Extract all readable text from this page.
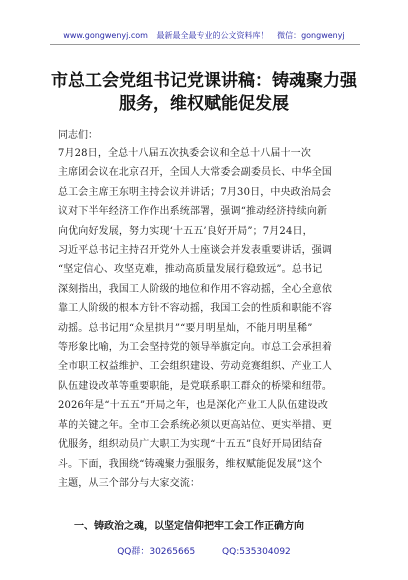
www.gongwenyj.com 最新最全最专业的公文资料库！ 微信：gongwenyj
市总工会党组书记党课讲稿：铸魂聚力强
服务，维权赋能促发展
同志们：
7月28日，全总十八届五次执委会议和全总十八届十一次
主席团会议在北京召开，全国人大常委会副委员长、中华全国
总工会主席王东明主持会议并讲话；7月30日，中央政治局会
议对下半年经济工作作出系统部署，强调“推动经济持续向新
向优向好发展，努力实现‘十五五’良好开局”；7月24日，
习近平总书记主持召开党外人士座谈会并发表重要讲话，强调
“坚定信心、攻坚克难，推动高质量发展行稳致远”。总书记
深刻指出，我国工人阶级的地位和作用不容动摇，全心全意依
靠工人阶级的根本方针不容动摇，我国工会的性质和职能不容
动摇。总书记用“众星拱月”“要月明星灿，不能月明星稀”
等形象比喻，为工会坚持党的领导举旗定向。市总工会承担着
全市职工权益维护、工会组织建设、劳动竞赛组织、产业工人
队伍建设改革等重要职能，是党联系职工群众的桥梁和纽带。
2026年是“十五五”开局之年，也是深化产业工人队伍建设改
革的关键之年。全市工会系统必须以更高站位、更实举措、更
优服务，组织动员广大职工为实现“十五五”良好开局团结奋
斗。下面，我围绕“铸魂聚力强服务，维权赋能促发展”这个
主题，从三个部分与大家交流：
一、铸政治之魂，以坚定信仰把牢工会工作正确方向
QQ群：30265665	QQ:535304092
